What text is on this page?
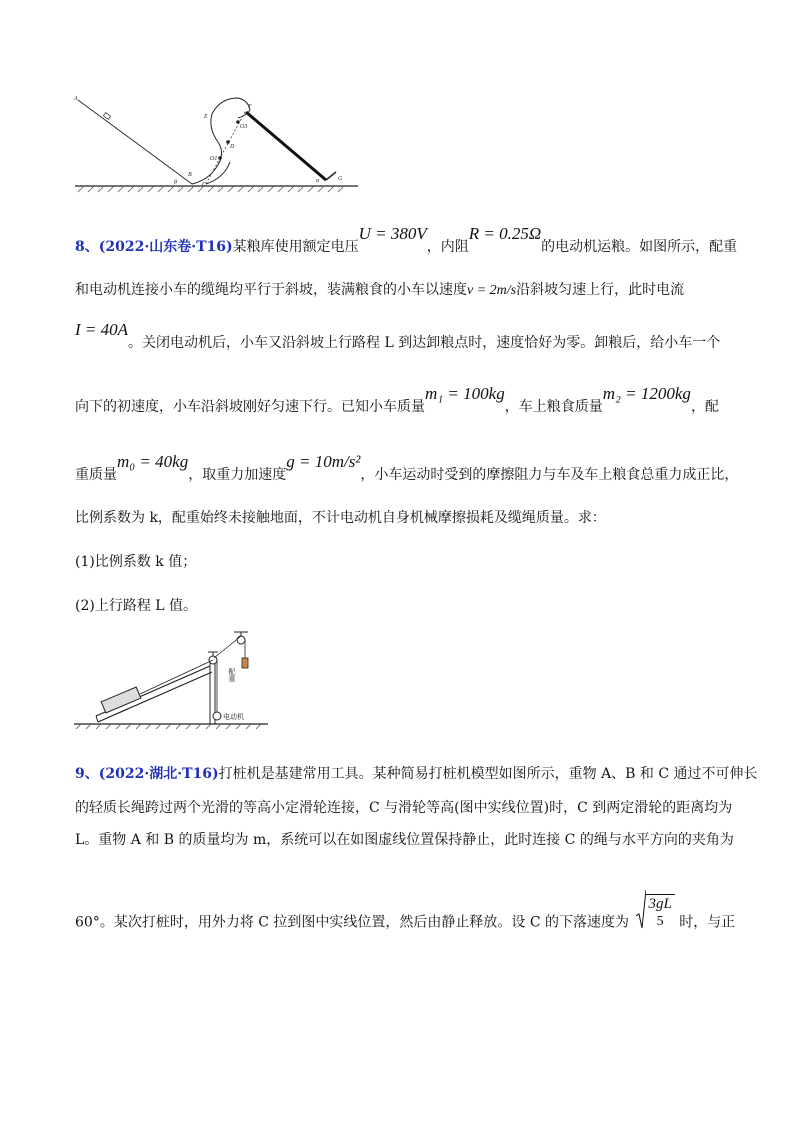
A
E
F
O3
D
O1
B
C
θ
G
α
8、(2022·山东卷·T16)某粮库使用额定电压U = 380V，内阻R = 0.25Ω的电动机运粮。如图所示，配重
和电动机连接小车的缆绳均平行于斜坡，装满粮食的小车以速度v = 2m/s沿斜坡匀速上行，此时电流
I = 40A。关闭电动机后，小车又沿斜坡上行路程 L 到达卸粮点时，速度恰好为零。卸粮后，给小车一个
向下的初速度，小车沿斜坡刚好匀速下行。已知小车质量m₁ = 100kg，车上粮食质量m₂ = 1200kg，配
重质量m₀ = 40kg，取重力加速度g = 10m/s²，小车运动时受到的摩擦阻力与车及车上粮食总重力成正比，
比例系数为 k，配重始终未接触地面，不计电动机自身机械摩擦损耗及缆绳质量。求：
(1)比例系数 k 值；
(2)上行路程 L 值。
配重
电动机
9、(2022·湖北·T16)打桩机是基建常用工具。某种简易打桩机模型如图所示，重物 A、B 和 C 通过不可伸长
的轻质长绳跨过两个光滑的等高小定滑轮连接，C 与滑轮等高(图中实线位置)时，C 到两定滑轮的距离均为
L。重物 A 和 B 的质量均为 m，系统可以在如图虚线位置保持静止，此时连接 C 的绳与水平方向的夹角为
60°。某次打桩时，用外力将 C 拉到图中实线位置，然后由静止释放。设 C 的下落速度为
3gL
5 时，与正
